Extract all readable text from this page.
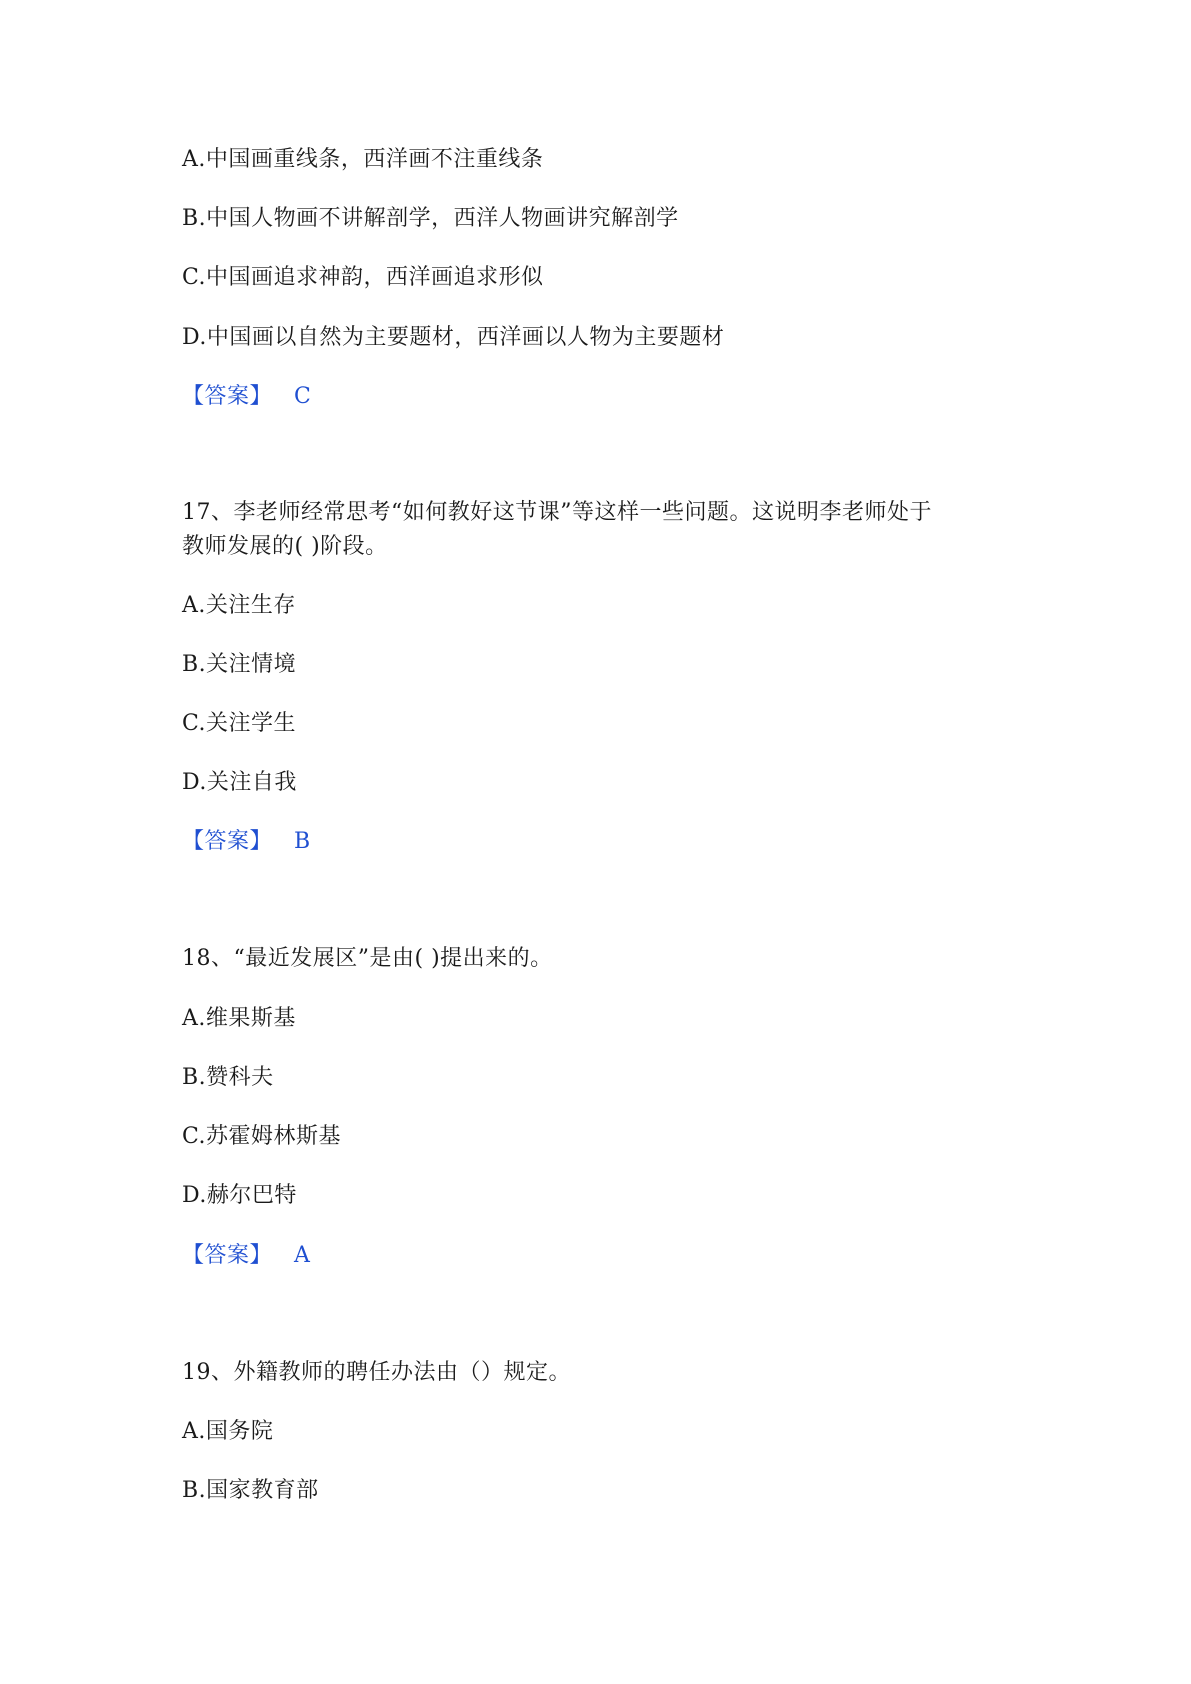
A.中国画重线条，西洋画不注重线条
B.中国人物画不讲解剖学，西洋人物画讲究解剖学
C.中国画追求神韵，西洋画追求形似
D.中国画以自然为主要题材，西洋画以人物为主要题材
【答案】 C
17、李老师经常思考“如何教好这节课”等这样一些问题。这说明李老师处于
教师发展的( )阶段。
A.关注生存
B.关注情境
C.关注学生
D.关注自我
【答案】 B
18、“最近发展区”是由( )提出来的。
A.维果斯基
B.赞科夫
C.苏霍姆林斯基
D.赫尔巴特
【答案】 A
19、外籍教师的聘任办法由（）规定。
A.国务院
B.国家教育部
